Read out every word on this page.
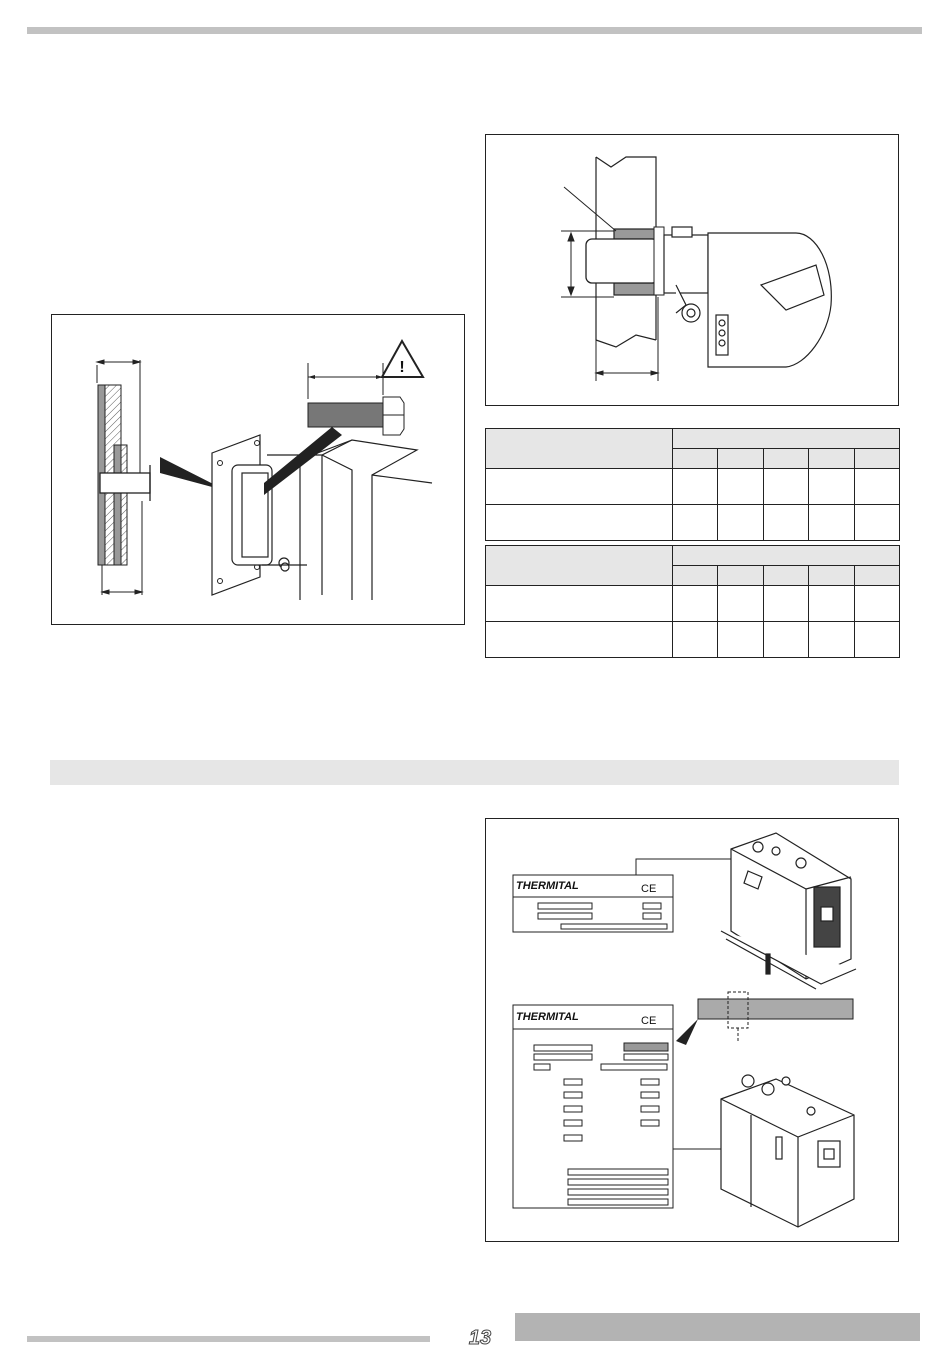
!

THERMITAL	CE
THERMITAL	CE
13
